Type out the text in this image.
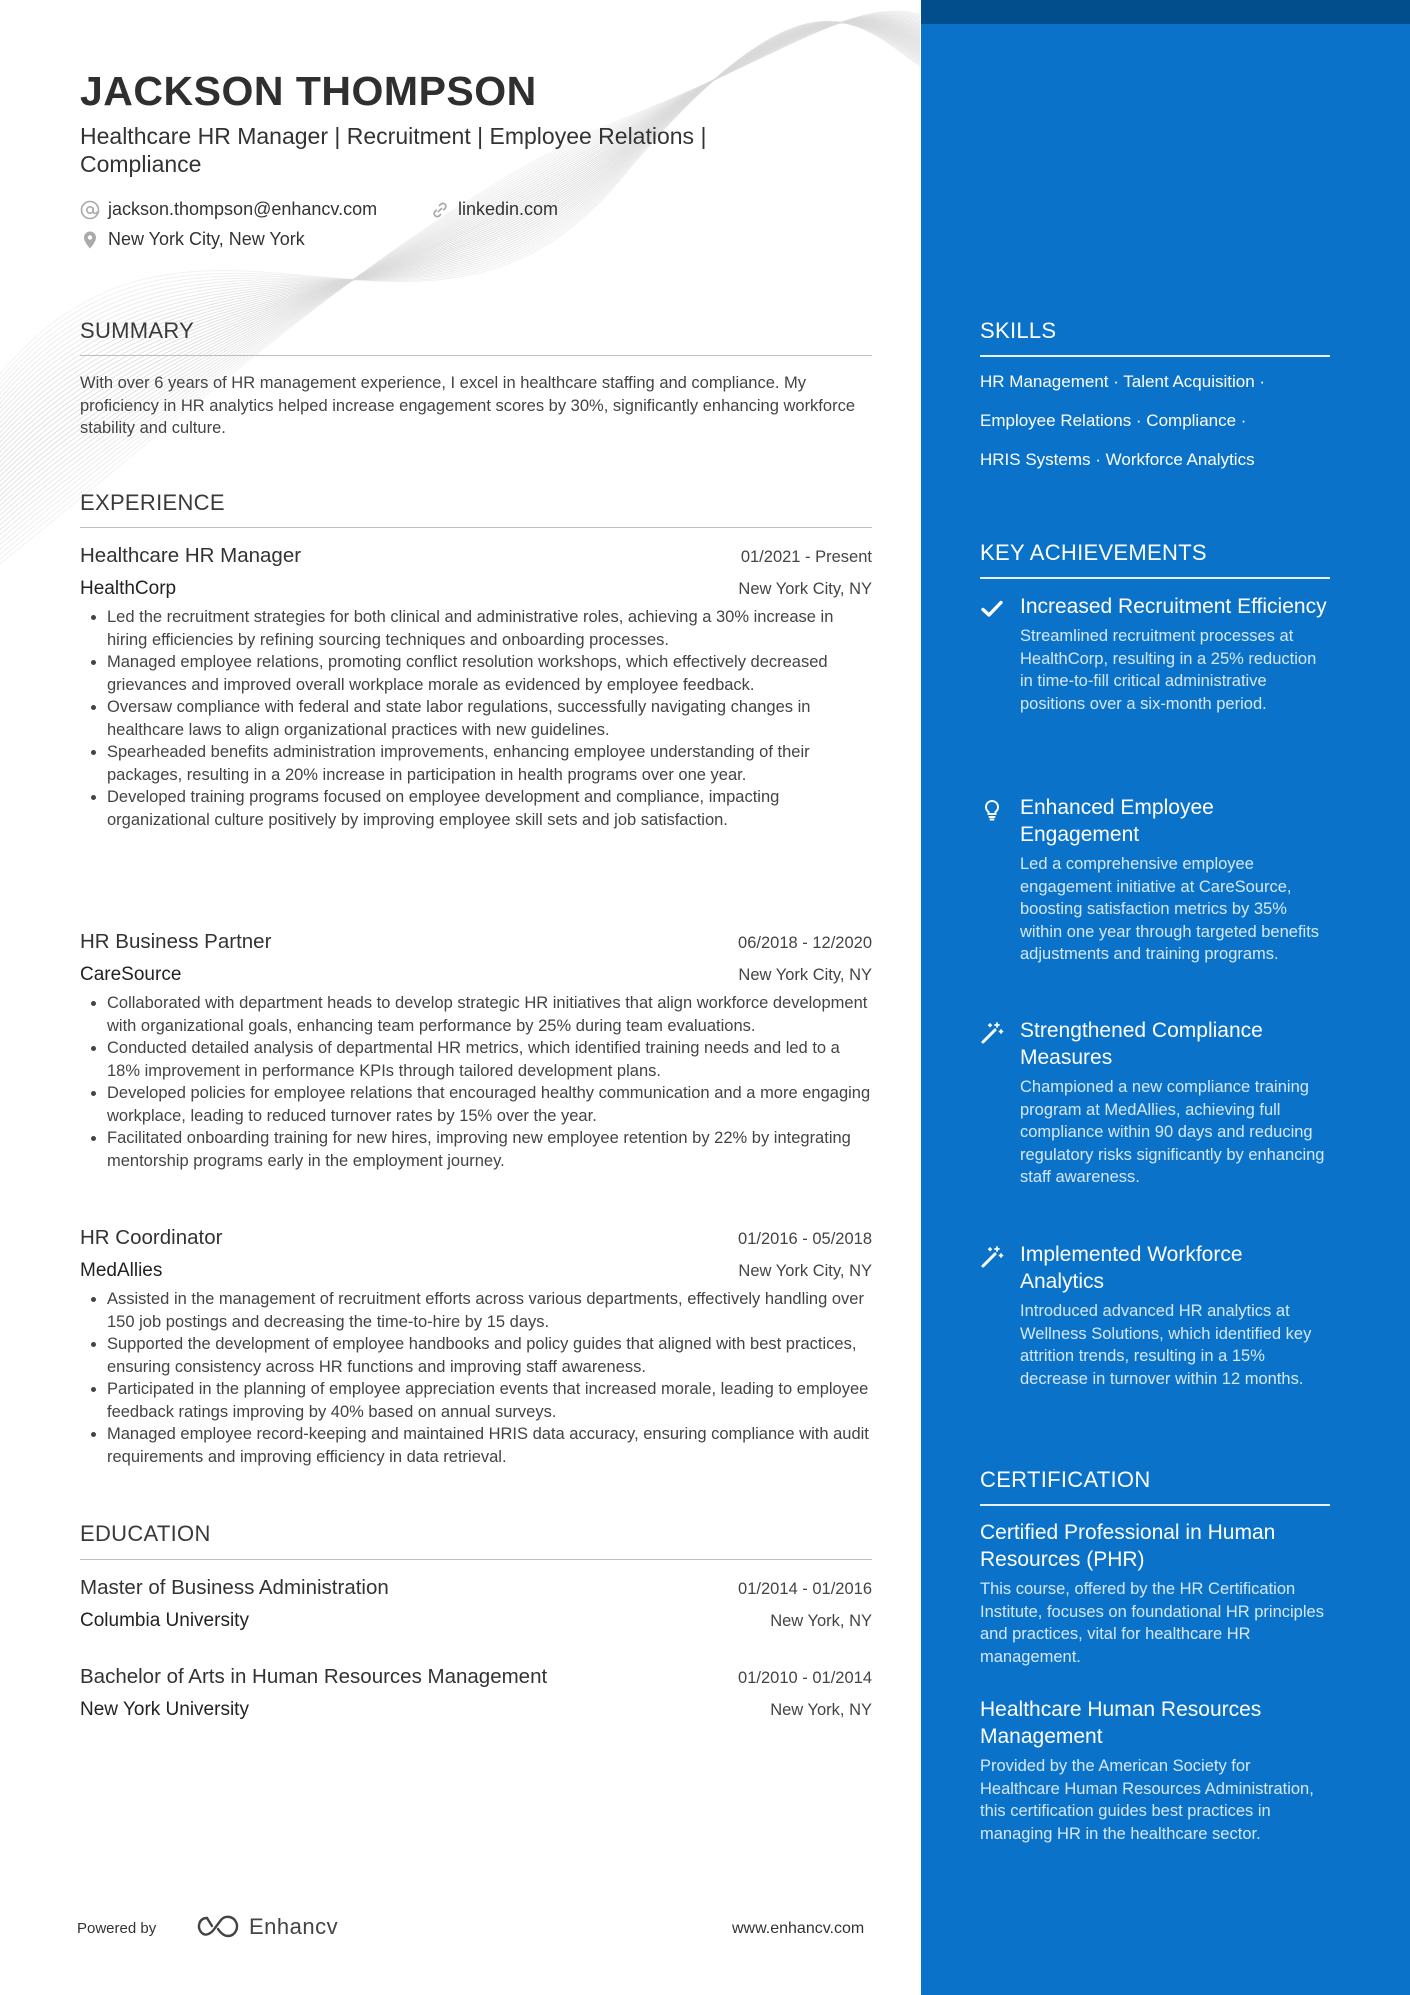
JACKSON THOMPSON
Healthcare HR Manager | Recruitment | Employee Relations | Compliance
jackson.thompson@enhancv.com	linkedin.com
New York City, New York
SUMMARY
With over 6 years of HR management experience, I excel in healthcare staffing and compliance. My proficiency in HR analytics helped increase engagement scores by 30%, significantly enhancing workforce stability and culture.
EXPERIENCE
Healthcare HR Manager	01/2021 - Present
HealthCorp	New York City, NY
• Led the recruitment strategies for both clinical and administrative roles, achieving a 30% increase in hiring efficiencies by refining sourcing techniques and onboarding processes.
• Managed employee relations, promoting conflict resolution workshops, which effectively decreased grievances and improved overall workplace morale as evidenced by employee feedback.
• Oversaw compliance with federal and state labor regulations, successfully navigating changes in healthcare laws to align organizational practices with new guidelines.
• Spearheaded benefits administration improvements, enhancing employee understanding of their packages, resulting in a 20% increase in participation in health programs over one year.
• Developed training programs focused on employee development and compliance, impacting organizational culture positively by improving employee skill sets and job satisfaction.
HR Business Partner	06/2018 - 12/2020
CareSource	New York City, NY
• Collaborated with department heads to develop strategic HR initiatives that align workforce development with organizational goals, enhancing team performance by 25% during team evaluations.
• Conducted detailed analysis of departmental HR metrics, which identified training needs and led to a 18% improvement in performance KPIs through tailored development plans.
• Developed policies for employee relations that encouraged healthy communication and a more engaging workplace, leading to reduced turnover rates by 15% over the year.
• Facilitated onboarding training for new hires, improving new employee retention by 22% by integrating mentorship programs early in the employment journey.
HR Coordinator	01/2016 - 05/2018
MedAllies	New York City, NY
• Assisted in the management of recruitment efforts across various departments, effectively handling over 150 job postings and decreasing the time-to-hire by 15 days.
• Supported the development of employee handbooks and policy guides that aligned with best practices, ensuring consistency across HR functions and improving staff awareness.
• Participated in the planning of employee appreciation events that increased morale, leading to employee feedback ratings improving by 40% based on annual surveys.
• Managed employee record-keeping and maintained HRIS data accuracy, ensuring compliance with audit requirements and improving efficiency in data retrieval.
EDUCATION
Master of Business Administration	01/2014 - 01/2016
Columbia University	New York, NY
Bachelor of Arts in Human Resources Management	01/2010 - 01/2014
New York University	New York, NY
Powered by	Enhancv	www.enhancv.com
SKILLS
HR Management · Talent Acquisition ·
Employee Relations · Compliance ·
HRIS Systems · Workforce Analytics
KEY ACHIEVEMENTS
Increased Recruitment Efficiency
Streamlined recruitment processes at HealthCorp, resulting in a 25% reduction in time-to-fill critical administrative positions over a six-month period.
Enhanced Employee Engagement
Led a comprehensive employee engagement initiative at CareSource, boosting satisfaction metrics by 35% within one year through targeted benefits adjustments and training programs.
Strengthened Compliance Measures
Championed a new compliance training program at MedAllies, achieving full compliance within 90 days and reducing regulatory risks significantly by enhancing staff awareness.
Implemented Workforce Analytics
Introduced advanced HR analytics at Wellness Solutions, which identified key attrition trends, resulting in a 15% decrease in turnover within 12 months.
CERTIFICATION
Certified Professional in Human Resources (PHR)
This course, offered by the HR Certification Institute, focuses on foundational HR principles and practices, vital for healthcare HR management.
Healthcare Human Resources Management
Provided by the American Society for Healthcare Human Resources Administration, this certification guides best practices in managing HR in the healthcare sector.
